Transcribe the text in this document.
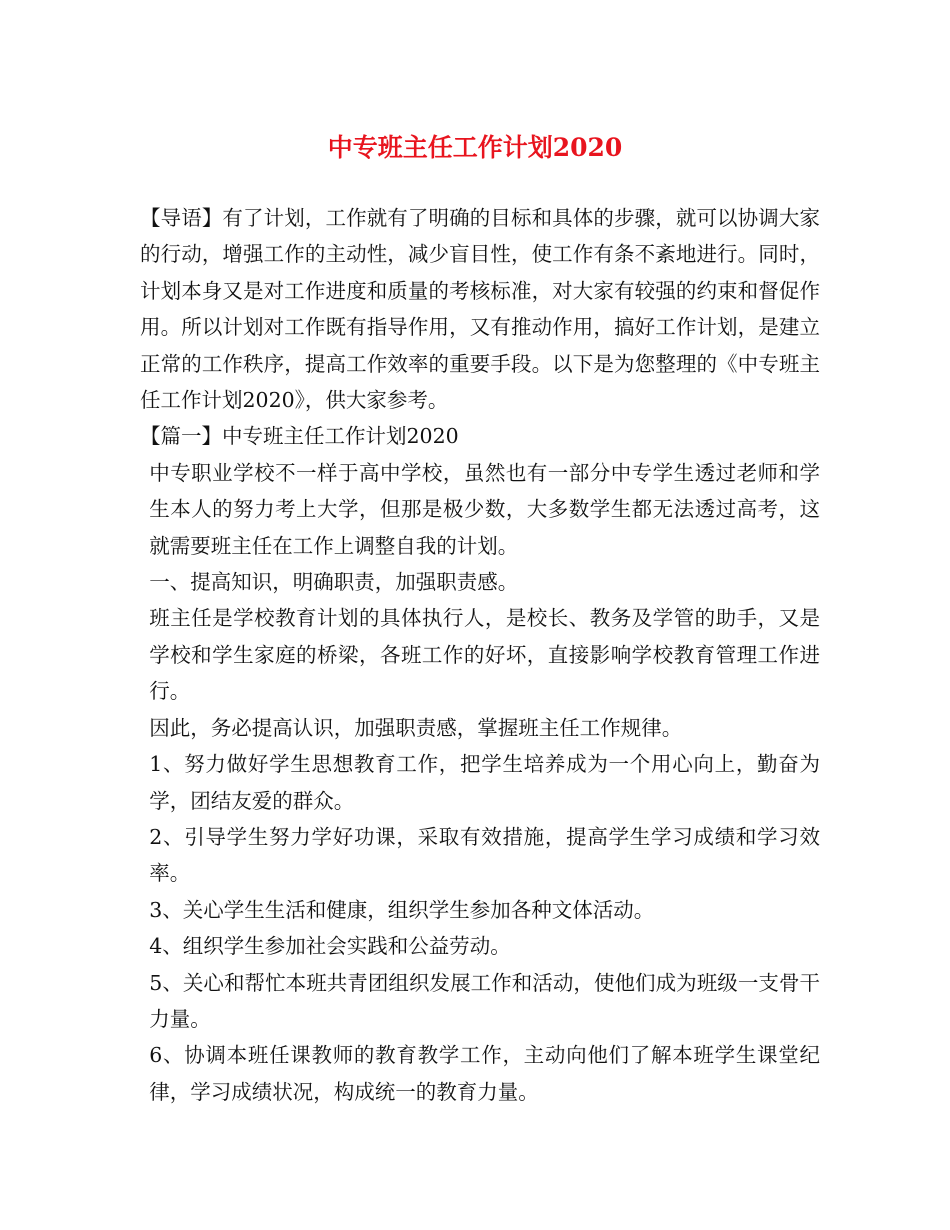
中专班主任工作计划2020

【导语】有了计划，工作就有了明确的目标和具体的步骤，就可以协调大家的行动，增强工作的主动性，减少盲目性，使工作有条不紊地进行。同时，计划本身又是对工作进度和质量的考核标准，对大家有较强的约束和督促作用。所以计划对工作既有指导作用，又有推动作用，搞好工作计划，是建立正常的工作秩序，提高工作效率的重要手段。以下是为您整理的《中专班主任工作计划2020》，供大家参考。

【篇一】中专班主任工作计划2020

中专职业学校不一样于高中学校，虽然也有一部分中专学生透过老师和学生本人的努力考上大学，但那是极少数，大多数学生都无法透过高考，这就需要班主任在工作上调整自我的计划。

一、提高知识，明确职责，加强职责感。

班主任是学校教育计划的具体执行人，是校长、教务及学管的助手，又是学校和学生家庭的桥梁，各班工作的好坏，直接影响学校教育管理工作进行。

因此，务必提高认识，加强职责感，掌握班主任工作规律。

1、努力做好学生思想教育工作，把学生培养成为一个用心向上，勤奋为学，团结友爱的群众。

2、引导学生努力学好功课，采取有效措施，提高学生学习成绩和学习效率。

3、关心学生生活和健康，组织学生参加各种文体活动。

4、组织学生参加社会实践和公益劳动。

5、关心和帮忙本班共青团组织发展工作和活动，使他们成为班级一支骨干力量。

6、协调本班任课教师的教育教学工作，主动向他们了解本班学生课堂纪律，学习成绩状况，构成统一的教育力量。
